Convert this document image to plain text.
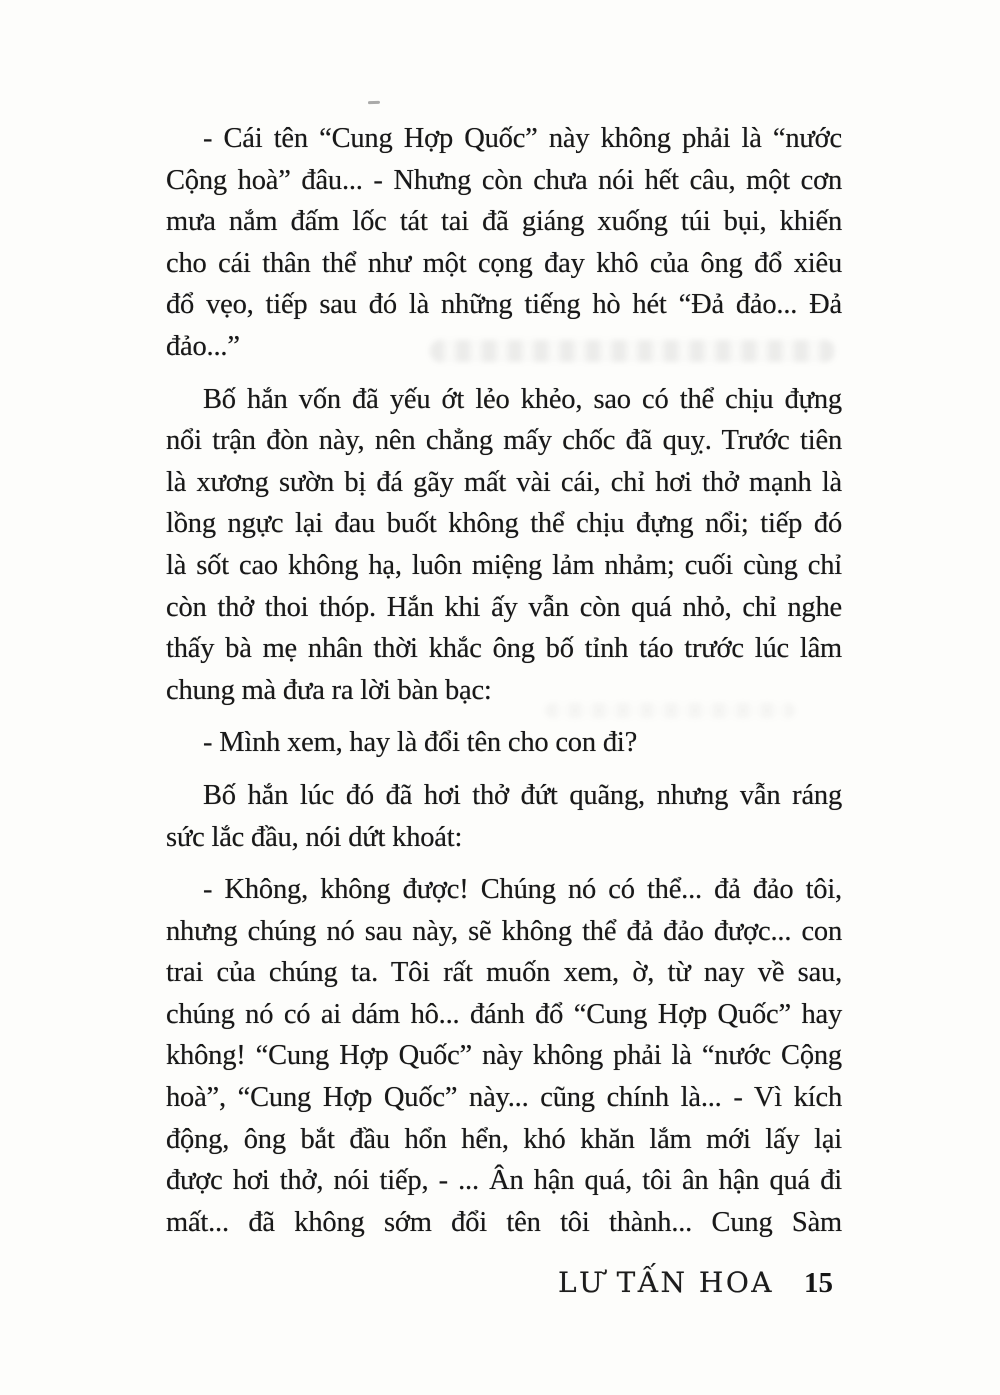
- Cái tên “Cung Hợp Quốc” này không phải là “nước
Cộng hoà” đâu... - Nhưng còn chưa nói hết câu, một cơn
mưa nắm đấm lốc tát tai đã giáng xuống túi bụi, khiến
cho cái thân thể như một cọng đay khô của ông đổ xiêu
đổ vẹo, tiếp sau đó là những tiếng hò hét “Đả đảo... Đả
đảo...”
Bố hắn vốn đã yếu ớt lẻo khẻo, sao có thể chịu đựng
nổi trận đòn này, nên chẳng mấy chốc đã quỵ. Trước tiên
là xương sườn bị đá gãy mất vài cái, chỉ hơi thở mạnh là
lồng ngực lại đau buốt không thể chịu đựng nổi; tiếp đó
là sốt cao không hạ, luôn miệng lảm nhảm; cuối cùng chỉ
còn thở thoi thóp. Hắn khi ấy vẫn còn quá nhỏ, chỉ nghe
thấy bà mẹ nhân thời khắc ông bố tỉnh táo trước lúc lâm
chung mà đưa ra lời bàn bạc:
- Mình xem, hay là đổi tên cho con đi?
Bố hắn lúc đó đã hơi thở đứt quãng, nhưng vẫn ráng
sức lắc đầu, nói dứt khoát:
- Không, không được! Chúng nó có thể... đả đảo tôi,
nhưng chúng nó sau này, sẽ không thể đả đảo được... con
trai của chúng ta. Tôi rất muốn xem, ờ, từ nay về sau,
chúng nó có ai dám hô... đánh đổ “Cung Hợp Quốc” hay
không! “Cung Hợp Quốc” này không phải là “nước Cộng
hoà”, “Cung Hợp Quốc” này... cũng chính là... - Vì kích
động, ông bắt đầu hổn hển, khó khăn lắm mới lấy lại
được hơi thở, nói tiếp, - ... Ân hận quá, tôi ân hận quá đi
mất... đã không sớm đổi tên tôi thành... Cung Sàm
LƯ TẤN HOA 15
